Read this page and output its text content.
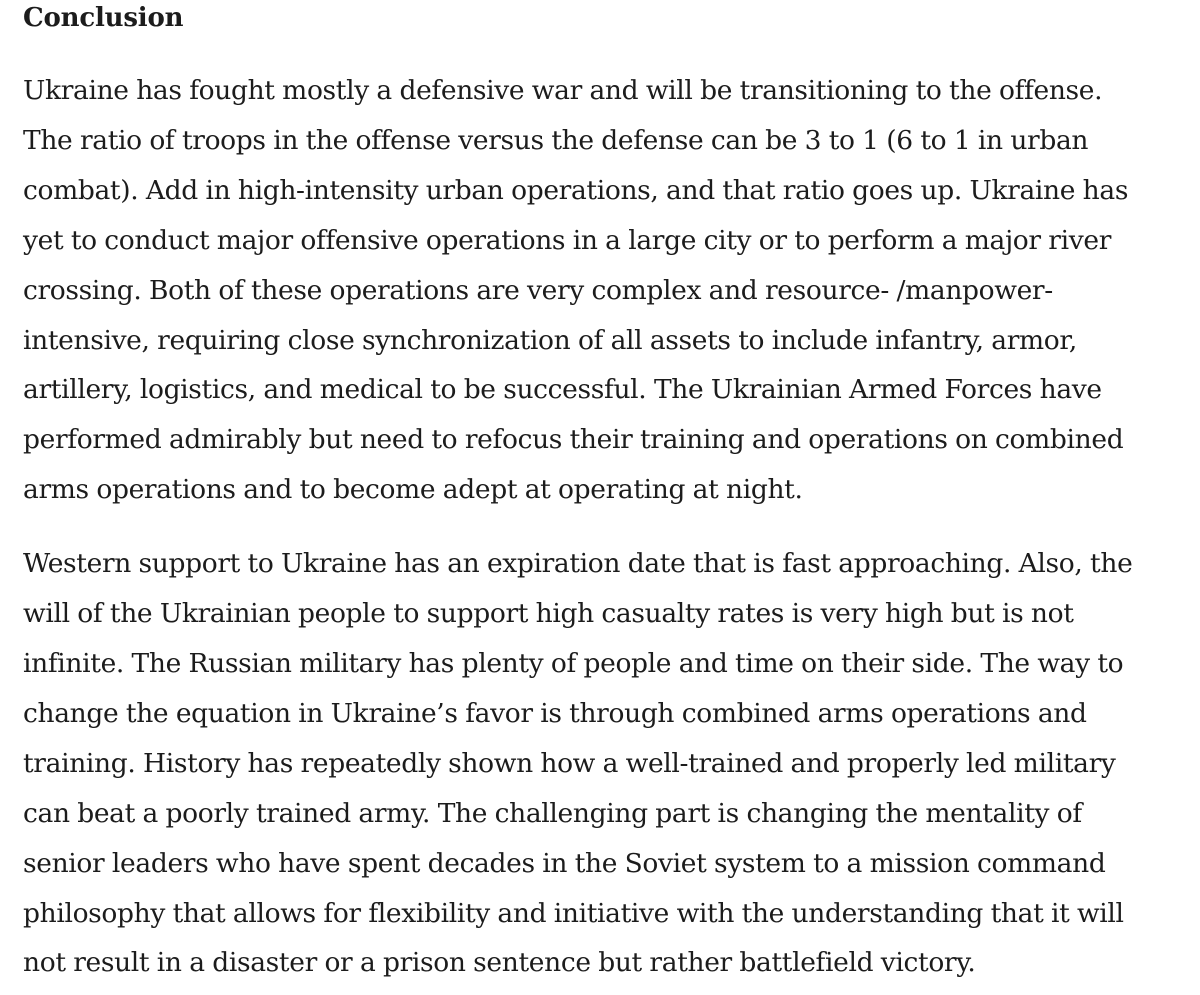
Conclusion

Ukraine has fought mostly a defensive war and will be transitioning to the offense.
The ratio of troops in the offense versus the defense can be 3 to 1 (6 to 1 in urban
combat). Add in high-intensity urban operations, and that ratio goes up. Ukraine has
yet to conduct major offensive operations in a large city or to perform a major river
crossing. Both of these operations are very complex and resource- /manpower-
intensive, requiring close synchronization of all assets to include infantry, armor,
artillery, logistics, and medical to be successful. The Ukrainian Armed Forces have
performed admirably but need to refocus their training and operations on combined
arms operations and to become adept at operating at night.

Western support to Ukraine has an expiration date that is fast approaching. Also, the
will of the Ukrainian people to support high casualty rates is very high but is not
infinite. The Russian military has plenty of people and time on their side. The way to
change the equation in Ukraine’s favor is through combined arms operations and
training. History has repeatedly shown how a well-trained and properly led military
can beat a poorly trained army. The challenging part is changing the mentality of
senior leaders who have spent decades in the Soviet system to a mission command
philosophy that allows for flexibility and initiative with the understanding that it will
not result in a disaster or a prison sentence but rather battlefield victory.
